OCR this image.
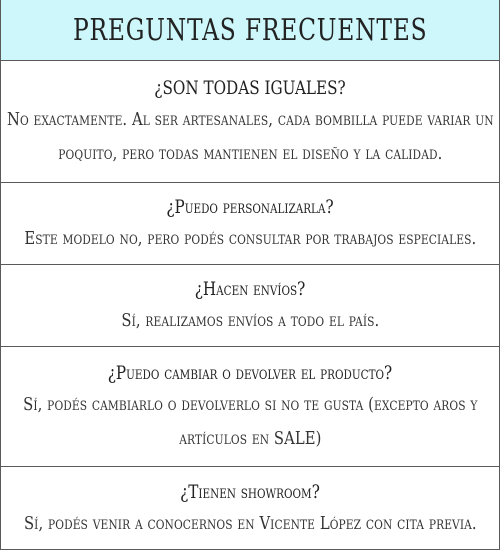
PREGUNTAS FRECUENTES
¿SON TODAS IGUALES?
No exactamente. Al ser artesanales, cada bombilla puede variar un poquito, pero todas mantienen el diseño y la calidad.
¿Puedo personalizarla?
Este modelo no, pero podés consultar por trabajos especiales.
¿Hacen envíos?
Sí, realizamos envíos a todo el país.
¿Puedo cambiar o devolver el producto?
Sí, podés cambiarlo o devolverlo si no te gusta (excepto aros y artículos en SALE)
¿Tienen showroom?
Sí, podés venir a conocernos en Vicente López con cita previa.
